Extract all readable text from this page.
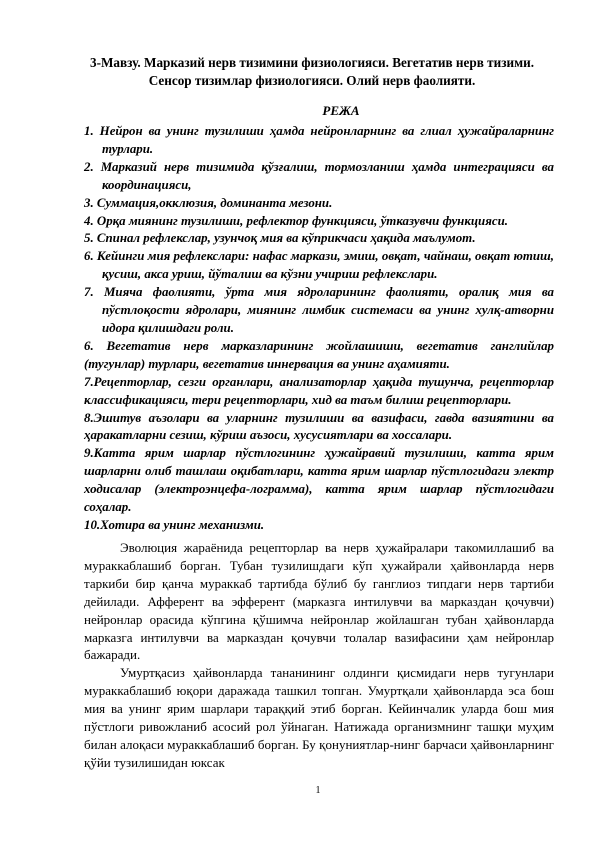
3-Мавзу. Марказий нерв тизимини физиологияси. Вегетатив нерв тизими. Сенсор тизимлар физиологияси. Олий нерв фаолияти.
РЕЖА

1. Нейрон ва унинг тузилиши ҳамда нейронларнинг ва глиал ҳужайраларнинг турлари.

2. Марказий нерв тизимида қўзғалиш, тормозланиш ҳамда интеграцияси ва координацияси,

3. Суммация,окклюзия, доминанта мезони.

4. Орқа миянинг тузилиши, рефлектор функцияси, ўтказувчи функцияси.

5. Спинал рефлекслар, узунчоқ мия ва кўприкчаси ҳақида маълумот.

6. Кейинги мия рефлекслари: нафас маркази, эмиш, овқат, чайнаш, овқат ютиш, қусиш, акса уриш, йўталиш ва кўзни учириш рефлекслари.

7. Мияча фаолияти, ўрта мия ядроларининг фаолияти, оралиқ мия ва пўстлоқости ядролари, миянинг лимбик системаси ва унинг хулқ-атворни идора қилишдаги роли.

6. Вегетатив нерв марказларининг жойлашиши, вегетатив ганглийлар (тугунлар) турлари, вегетатив иннервация ва унинг аҳамияти.

7.Рецепторлар, сезги органлари, анализаторлар ҳақида тушунча, рецепторлар классификацияси, тери рецепторлари, хид ва таъм билиш рецепторлари.

8.Эшитув аъзолари ва уларнинг тузилиши ва вазифаси, гавда вазиятини ва ҳаракатларни сезиш, кўриш аъзоси, хусусиятлари ва хоссалари.

9.Катта ярим шарлар пўстлогининг ҳужайравий тузилиши, катта ярим шарларни олиб ташлаш оқибатлари, катта ярим шарлар пўстлогидаги электр ходисалар (электроэнцефа-лограмма), катта ярим шарлар пўстлогидаги соҳалар.

10.Хотира ва унинг механизми.

Эволюция жараёнида рецепторлар ва нерв ҳужайралари такомиллашиб ва мураккаблашиб борган. Тубан тузилишдаги кўп ҳужайрали ҳайвонларда нерв таркиби бир қанча мураккаб тартибда бўлиб бу ганглиоз типдаги нерв тартиби дейилади. Афферент ва эфферент (марказга интилувчи ва марказдан қочувчи) нейронлар орасида кўпгина қўшимча нейронлар жойлашган тубан ҳайвонларда марказга интилувчи ва марказдан қочувчи толалар вазифасини ҳам нейронлар бажаради.

Умуртқасиз ҳайвонларда тананининг олдинги қисмидаги нерв тугунлари мураккаблашиб юқори даражада ташкил топган. Умуртқали ҳайвонларда эса бош мия ва унинг ярим шарлари тараққий этиб борган. Кейинчалик уларда бош мия пўстлоги ривожланиб асосий рол ўйнаган. Натижада организмнинг ташқи муҳим билан алоқаси мураккаблашиб борган. Бу қонуниятлар-нинг барчаси ҳайвонларнинг қўйи тузилишидан юксак

1
